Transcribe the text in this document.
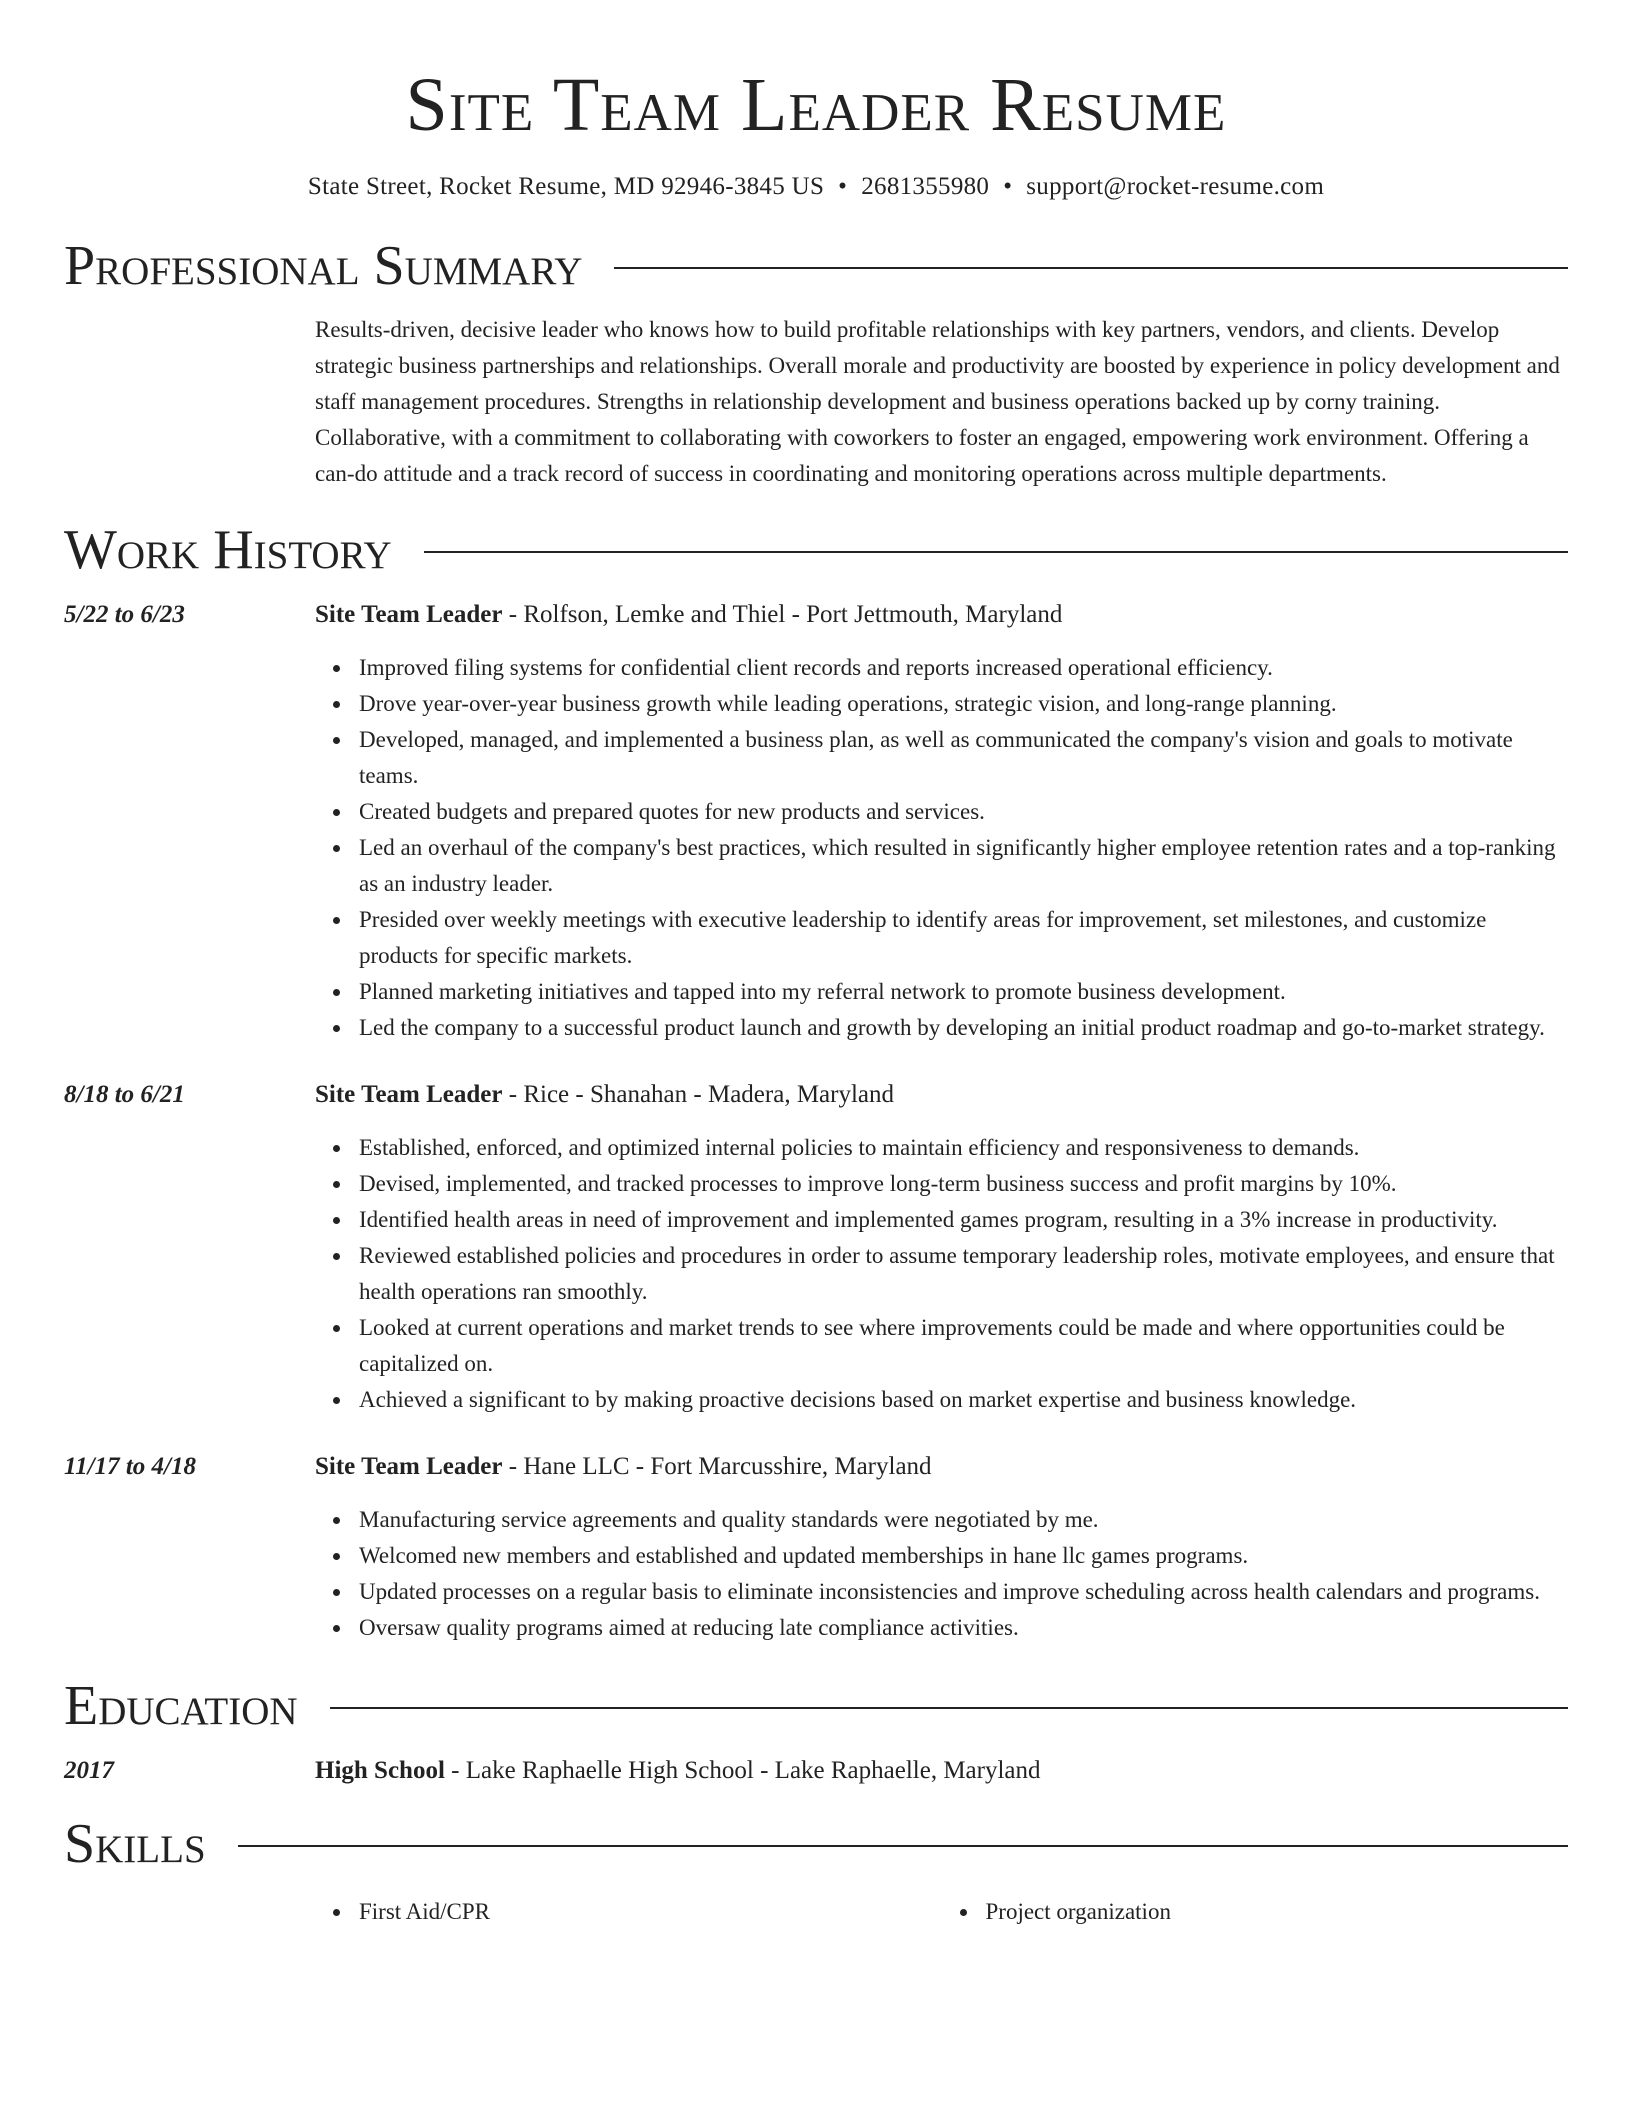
Site Team Leader Resume
State Street, Rocket Resume, MD 92946-3845 US • 2681355980 • support@rocket-resume.com
Professional Summary
Results-driven, decisive leader who knows how to build profitable relationships with key partners, vendors, and clients. Develop strategic business partnerships and relationships. Overall morale and productivity are boosted by experience in policy development and staff management procedures. Strengths in relationship development and business operations backed up by corny training. Collaborative, with a commitment to collaborating with coworkers to foster an engaged, empowering work environment. Offering a can-do attitude and a track record of success in coordinating and monitoring operations across multiple departments.
Work History
5/22 to 6/23	Site Team Leader - Rolfson, Lemke and Thiel - Port Jettmouth, Maryland
Improved filing systems for confidential client records and reports increased operational efficiency.
Drove year-over-year business growth while leading operations, strategic vision, and long-range planning.
Developed, managed, and implemented a business plan, as well as communicated the company's vision and goals to motivate teams.
Created budgets and prepared quotes for new products and services.
Led an overhaul of the company's best practices, which resulted in significantly higher employee retention rates and a top-ranking as an industry leader.
Presided over weekly meetings with executive leadership to identify areas for improvement, set milestones, and customize products for specific markets.
Planned marketing initiatives and tapped into my referral network to promote business development.
Led the company to a successful product launch and growth by developing an initial product roadmap and go-to-market strategy.
8/18 to 6/21	Site Team Leader - Rice - Shanahan - Madera, Maryland
Established, enforced, and optimized internal policies to maintain efficiency and responsiveness to demands.
Devised, implemented, and tracked processes to improve long-term business success and profit margins by 10%.
Identified health areas in need of improvement and implemented games program, resulting in a 3% increase in productivity.
Reviewed established policies and procedures in order to assume temporary leadership roles, motivate employees, and ensure that health operations ran smoothly.
Looked at current operations and market trends to see where improvements could be made and where opportunities could be capitalized on.
Achieved a significant to by making proactive decisions based on market expertise and business knowledge.
11/17 to 4/18	Site Team Leader - Hane LLC - Fort Marcusshire, Maryland
Manufacturing service agreements and quality standards were negotiated by me.
Welcomed new members and established and updated memberships in hane llc games programs.
Updated processes on a regular basis to eliminate inconsistencies and improve scheduling across health calendars and programs.
Oversaw quality programs aimed at reducing late compliance activities.
Education
2017	High School - Lake Raphaelle High School - Lake Raphaelle, Maryland
Skills
First Aid/CPR	Project organization
